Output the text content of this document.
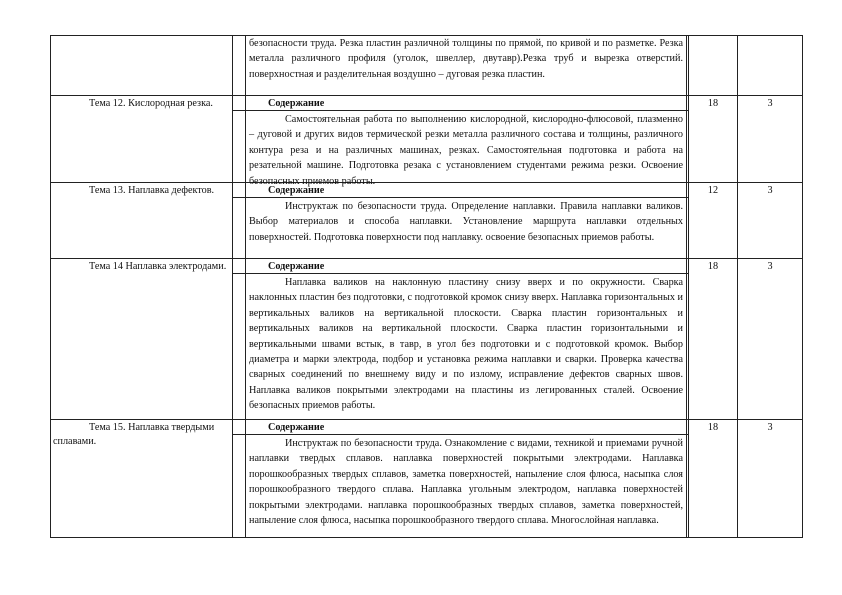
безопасности труда. Резка пластин различной толщины по прямой, по кривой и по разметке. Резка металла различного профиля (уголок, швеллер, двутавр).Резка труб и вырезка отверстий. поверхностная и разделительная воздушно – дуговая резка пластин.
Тема 12. Кислородная резка.	Содержание

Самостоятельная работа по выполнению кислородной, кислородно-флюсовой, плазменно – дуговой и других видов термической резки металла различного состава и толщины, различного контура реза и на различных машинах, резках. Самостоятельная подготовка и работа на резательной машине. Подготовка резака с установлением студентами режима резки. Освоение безопасных приемов работы.

18	3
Тема 13. Наплавка дефектов.	Содержание

Инструктаж по безопасности труда. Определение наплавки. Правила наплавки валиков. Выбор материалов и способа наплавки. Установление маршрута наплавки отдельных поверхностей. Подготовка поверхности под наплавку. освоение безопасных приемов работы.

12	3
Тема 14 Наплавка электродами.	Содержание

Наплавка валиков на наклонную пластину снизу вверх и по окружности. Сварка наклонных пластин без подготовки, с подготовкой кромок снизу вверх. Наплавка горизонтальных и вертикальных валиков на вертикальной плоскости. Сварка пластин горизонтальных и вертикальных валиков на вертикальной плоскости. Сварка пластин горизонтальными и вертикальными швами встык, в тавр, в угол без подготовки и с подготовкой кромок. Выбор диаметра и марки электрода, подбор и установка режима наплавки и сварки. Проверка качества сварных соединений по внешнему виду и по излому, исправление дефектов сварных швов. Наплавка валиков покрытыми электродами на пластины из легированных сталей. Освоение безопасных приемов работы.

18	3
Тема 15. Наплавка твердыми сплавами.
Содержание

Инструктаж по безопасности труда. Ознакомление с видами, техникой и приемами ручной наплавки твердых сплавов. наплавка поверхностей покрытыми электродами. Наплавка порошкообразных твердых сплавов, заметка поверхностей, напыление слоя флюса, насыпка слоя порошкообразного твердого сплава. Наплавка угольным электродом, наплавка поверхностей покрытыми электродами. наплавка порошкообразных твердых сплавов, заметка поверхностей, напыление слоя флюса, насыпка порошкообразного твердого сплава. Многослойная наплавка.

18	3
